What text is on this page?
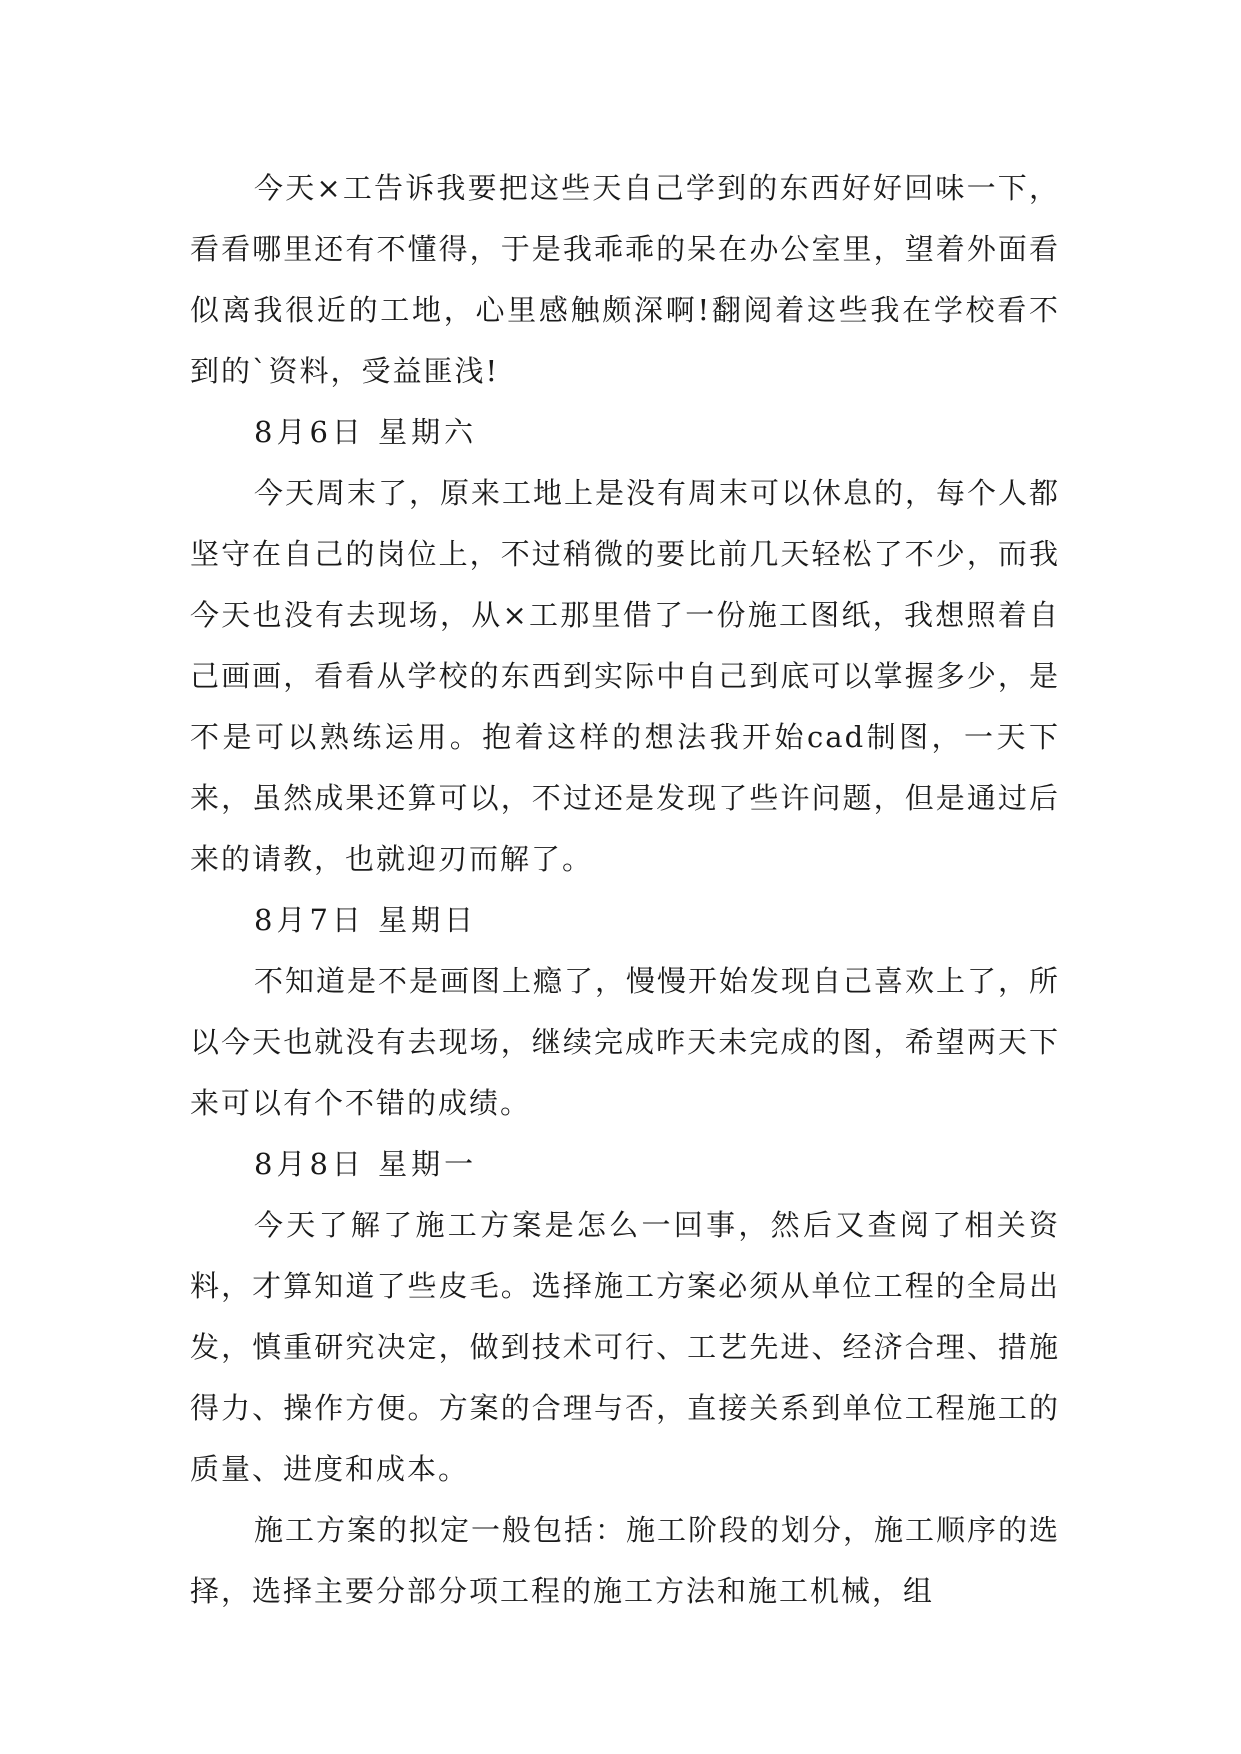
今天×工告诉我要把这些天自己学到的东西好好回味一下，看看哪里还有不懂得，于是我乖乖的呆在办公室里，望着外面看似离我很近的工地，心里感触颇深啊!翻阅着这些我在学校看不到的`资料，受益匪浅!

8月6日 星期六

今天周末了，原来工地上是没有周末可以休息的，每个人都坚守在自己的岗位上，不过稍微的要比前几天轻松了不少，而我今天也没有去现场，从×工那里借了一份施工图纸，我想照着自己画画，看看从学校的东西到实际中自己到底可以掌握多少，是不是可以熟练运用。抱着这样的想法我开始cad制图，一天下来，虽然成果还算可以，不过还是发现了些许问题，但是通过后来的请教，也就迎刃而解了。

8月7日 星期日

不知道是不是画图上瘾了，慢慢开始发现自己喜欢上了，所以今天也就没有去现场，继续完成昨天未完成的图，希望两天下来可以有个不错的成绩。

8月8日 星期一

今天了解了施工方案是怎么一回事，然后又查阅了相关资料，才算知道了些皮毛。选择施工方案必须从单位工程的全局出发，慎重研究决定，做到技术可行、工艺先进、经济合理、措施得力、操作方便。方案的合理与否，直接关系到单位工程施工的质量、进度和成本。

施工方案的拟定一般包括：施工阶段的划分，施工顺序的选择，选择主要分部分项工程的施工方法和施工机械，组
